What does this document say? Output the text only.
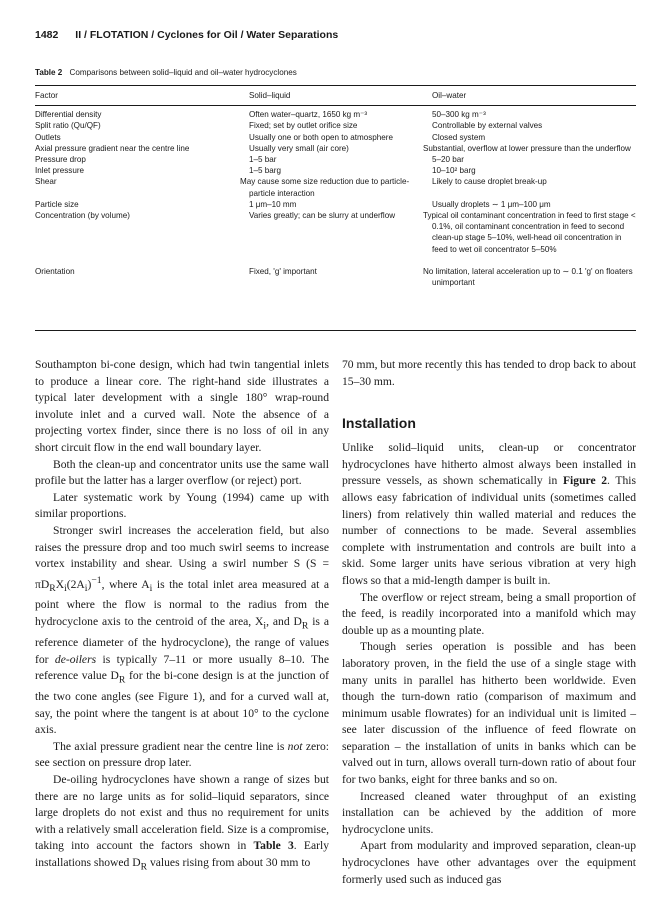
1482 II / FLOTATION / Cyclones for Oil / Water Separations
Table 2 Comparisons between solid–liquid and oil–water hydrocyclones
Factor	Solid–liquid	Oil–water
Differential density	Often water–quartz, 1650 kg m⁻³	50–300 kg m⁻³
Split ratio (Qu/QF)	Fixed; set by outlet orifice size	Controllable by external valves
Outlets	Usually one or both open to atmosphere	Closed system
Axial pressure gradient near the centre line	Usually very small (air core)	Substantial, overflow at lower pressure than the underflow
Pressure drop	1–5 bar	5–20 bar
Inlet pressure	1–5 barg	10–10² barg
Shear	May cause some size reduction due to particle-particle interaction	Likely to cause droplet break-up
Particle size	1 μm–10 mm	Usually droplets ∼ 1 μm–100 μm
Concentration (by volume)	Varies greatly; can be slurry at underflow	Typical oil contaminant concentration in feed to first stage < 0.1%, oil contaminant concentration in feed to second clean-up stage 5–10%, well-head oil concentration in feed to wet oil concentrator 5–50%
Orientation	Fixed, 'g' important	No limitation, lateral acceleration up to ∼ 0.1 'g' on floaters unimportant

Southampton bi-cone design, which had twin tangential inlets to produce a linear core. The right-hand side illustrates a typical later development with a single 180° wrap-round involute inlet and a curved wall. Note the absence of a projecting vortex finder, since there is no loss of oil in any short circuit flow in the end wall boundary layer.

Both the clean-up and concentrator units use the same wall profile but the latter has a larger overflow (or reject) port.

Later systematic work by Young (1994) came up with similar proportions.

Stronger swirl increases the acceleration field, but also raises the pressure drop and too much swirl seems to increase vortex instability and shear. Using a swirl number S ($S = \pi D_RX_i(2A_i)^{-1}$, where $A_i$ is the total inlet area measured at a point where the flow is normal to the radius from the hydrocyclone axis to the centroid of the area, $X_i$, and $D_R$ is a reference diameter of the hydrocyclone), the range of values for de-oilers is typically 7–11 or more usually 8–10. The reference value $D_R$ for the bi-cone design is at the junction of the two cone angles (see Figure 1), and for a curved wall at, say, the point where the tangent is at about 10° to the cyclone axis.

The axial pressure gradient near the centre line is not zero: see section on pressure drop later.

De-oiling hydrocyclones have shown a range of sizes but there are no large units as for solid–liquid separators, since large droplets do not exist and thus no requirement for units with a relatively small acceleration field. Size is a compromise, taking into account the factors shown in Table 3. Early installations showed $D_R$ values rising from about 30 mm to

70 mm, but more recently this has tended to drop back to about 15–30 mm.

Installation

Unlike solid–liquid units, clean-up or concentrator hydrocyclones have hitherto almost always been installed in pressure vessels, as shown schematically in Figure 2. This allows easy fabrication of individual units (sometimes called liners) from relatively thin walled material and reduces the number of connections to be made. Several assemblies complete with instrumentation and controls are built into a skid. Some larger units have serious vibration at very high flows so that a mid-length damper is built in.

The overflow or reject stream, being a small proportion of the feed, is readily incorporated into a manifold which may double up as a mounting plate.

Though series operation is possible and has been laboratory proven, in the field the use of a single stage with many units in parallel has hitherto been worldwide. Even though the turn-down ratio (comparison of maximum and minimum usable flowrates) for an individual unit is limited – see later discussion of the influence of feed flowrate on separation – the installation of units in banks which can be valved out in turn, allows overall turn-down ratio of about four for two banks, eight for three banks and so on.

Increased cleaned water throughput of an existing installation can be achieved by the addition of more hydrocyclone units.

Apart from modularity and improved separation, clean-up hydrocyclones have other advantages over the equipment formerly used such as induced gas
